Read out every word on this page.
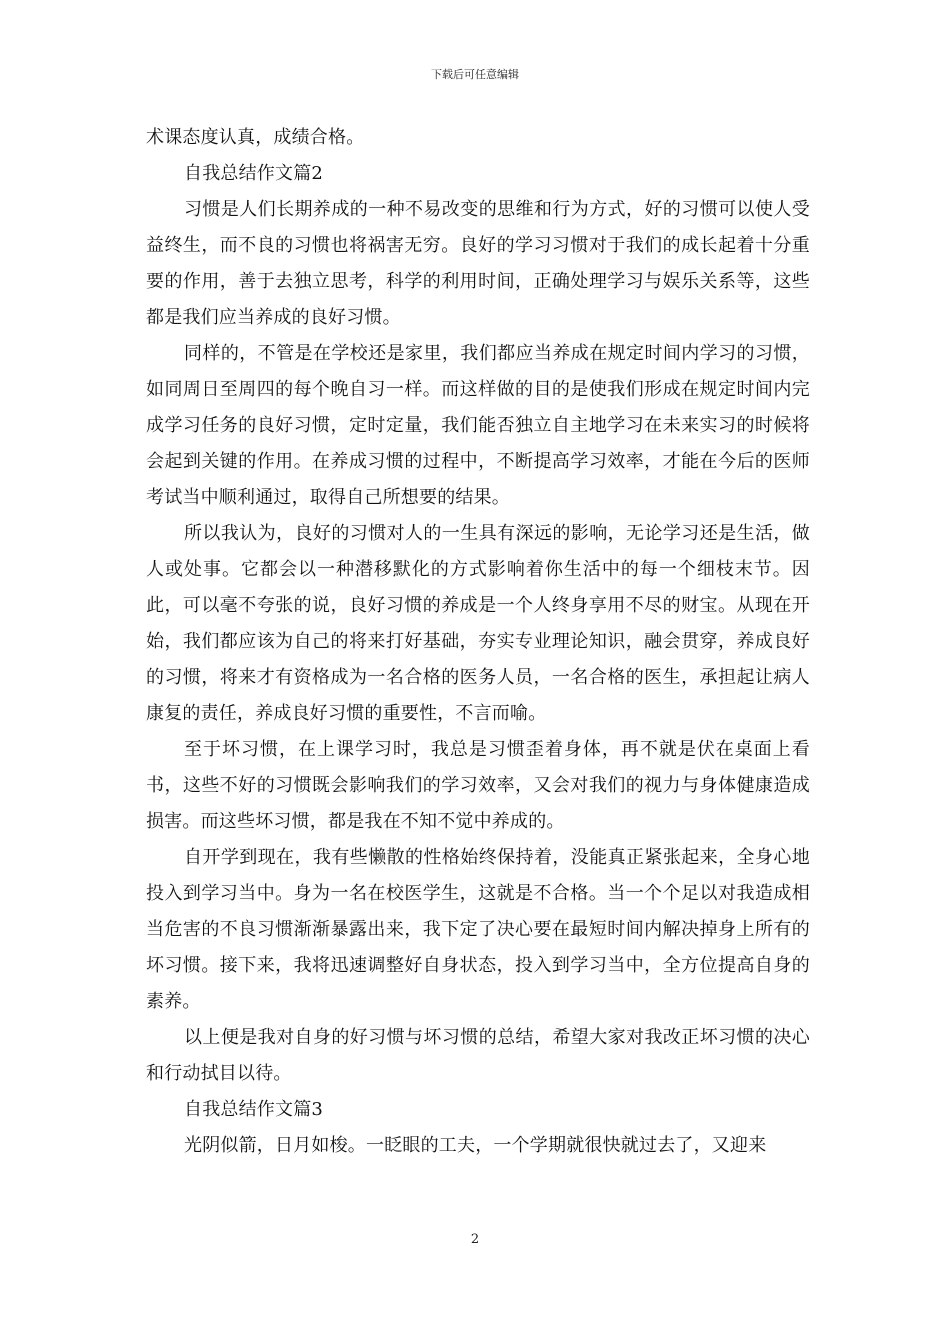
下载后可任意编辑

术课态度认真，成绩合格。

自我总结作文篇2

习惯是人们长期养成的一种不易改变的思维和行为方式，好的习惯可以使人受益终生，而不良的习惯也将祸害无穷。良好的学习习惯对于我们的成长起着十分重要的作用，善于去独立思考，科学的利用时间，正确处理学习与娱乐关系等，这些都是我们应当养成的良好习惯。

同样的，不管是在学校还是家里，我们都应当养成在规定时间内学习的习惯，如同周日至周四的每个晚自习一样。而这样做的目的是使我们形成在规定时间内完成学习任务的良好习惯，定时定量，我们能否独立自主地学习在未来实习的时候将会起到关键的作用。在养成习惯的过程中，不断提高学习效率，才能在今后的医师考试当中顺利通过，取得自己所想要的结果。

所以我认为，良好的习惯对人的一生具有深远的影响，无论学习还是生活，做人或处事。它都会以一种潜移默化的方式影响着你生活中的每一个细枝末节。因此，可以毫不夸张的说，良好习惯的养成是一个人终身享用不尽的财宝。从现在开始，我们都应该为自己的将来打好基础，夯实专业理论知识，融会贯穿，养成良好的习惯，将来才有资格成为一名合格的医务人员，一名合格的医生，承担起让病人康复的责任，养成良好习惯的重要性，不言而喻。

至于坏习惯，在上课学习时，我总是习惯歪着身体，再不就是伏在桌面上看书，这些不好的习惯既会影响我们的学习效率，又会对我们的视力与身体健康造成损害。而这些坏习惯，都是我在不知不觉中养成的。

自开学到现在，我有些懒散的性格始终保持着，没能真正紧张起来，全身心地投入到学习当中。身为一名在校医学生，这就是不合格。当一个个足以对我造成相当危害的不良习惯渐渐暴露出来，我下定了决心要在最短时间内解决掉身上所有的坏习惯。接下来，我将迅速调整好自身状态，投入到学习当中，全方位提高自身的素养。

以上便是我对自身的好习惯与坏习惯的总结，希望大家对我改正坏习惯的决心和行动拭目以待。

自我总结作文篇3

光阴似箭，日月如梭。一眨眼的工夫，一个学期就很快就过去了，又迎来

2
